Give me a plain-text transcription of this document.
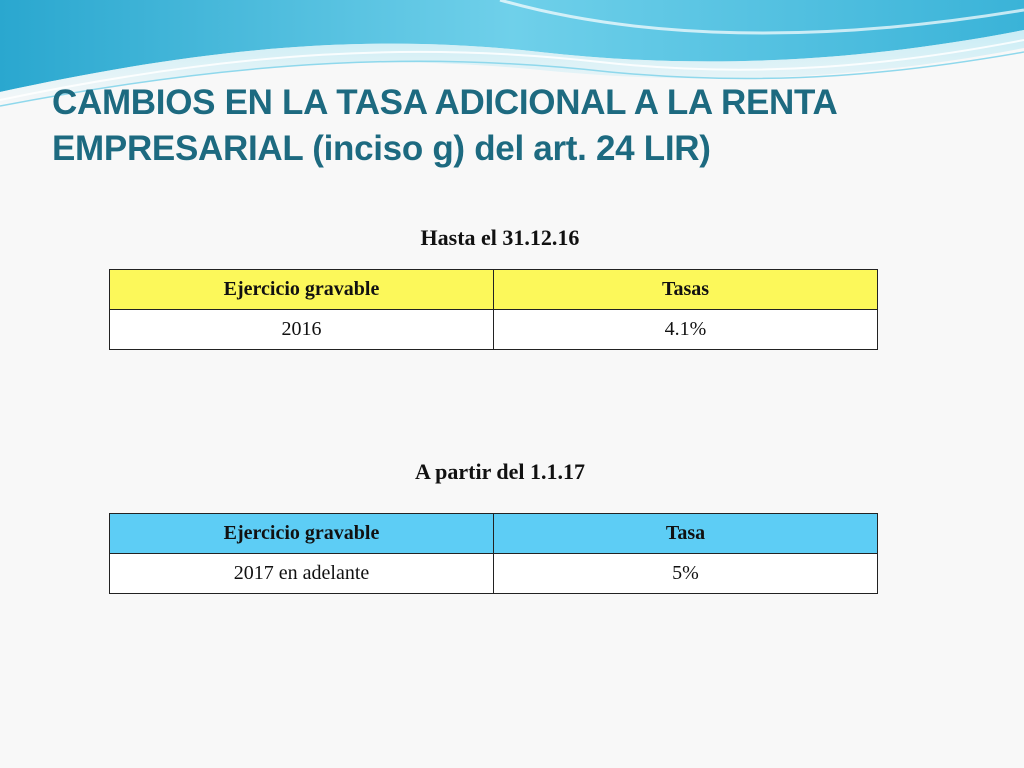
CAMBIOS EN LA TASA ADICIONAL A LA RENTA
EMPRESARIAL (inciso g) del art. 24 LIR)
Hasta el 31.12.16
Ejercicio gravable	Tasas
2016	4.1%
A partir del 1.1.17
Ejercicio gravable	Tasa
2017 en adelante	5%
